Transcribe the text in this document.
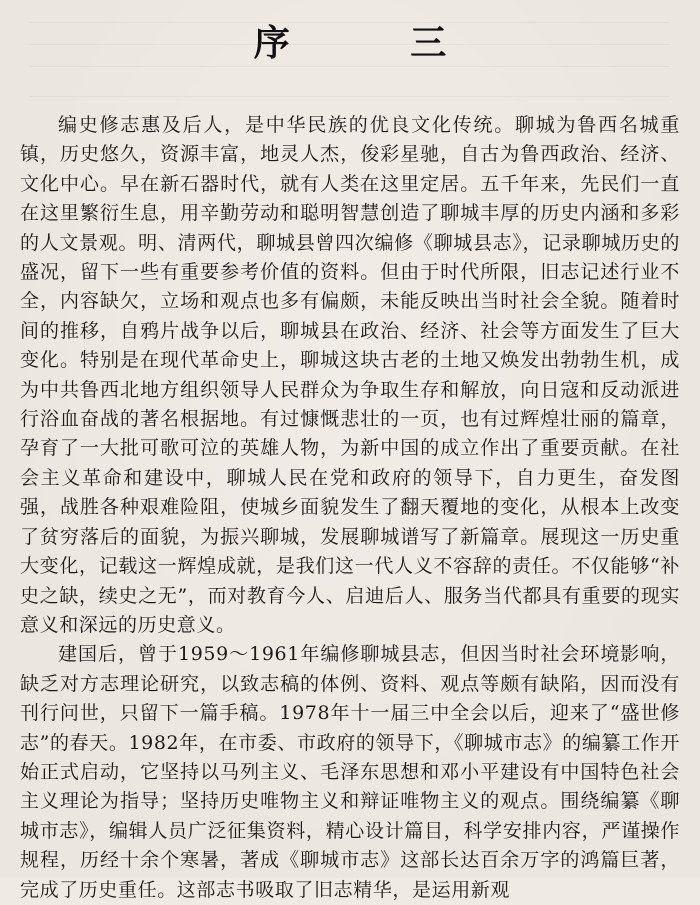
序 三

编史修志惠及后人，是中华民族的优良文化传统。聊城为鲁西名城重镇，历史悠久，资源丰富，地灵人杰，俊彩星驰，自古为鲁西政治、经济、文化中心。早在新石器时代，就有人类在这里定居。五千年来，先民们一直在这里繁衍生息，用辛勤劳动和聪明智慧创造了聊城丰厚的历史内涵和多彩的人文景观。明、清两代，聊城县曾四次编修《聊城县志》，记录聊城历史的盛况，留下一些有重要参考价值的资料。但由于时代所限，旧志记述行业不全，内容缺欠，立场和观点也多有偏颇，未能反映出当时社会全貌。随着时间的推移，自鸦片战争以后，聊城县在政治、经济、社会等方面发生了巨大变化。特别是在现代革命史上，聊城这块古老的土地又焕发出勃勃生机，成为中共鲁西北地方组织领导人民群众为争取生存和解放，向日寇和反动派进行浴血奋战的著名根据地。有过慷慨悲壮的一页，也有过辉煌壮丽的篇章，孕育了一大批可歌可泣的英雄人物，为新中国的成立作出了重要贡献。在社会主义革命和建设中，聊城人民在党和政府的领导下，自力更生，奋发图强，战胜各种艰难险阻，使城乡面貌发生了翻天覆地的变化，从根本上改变了贫穷落后的面貌，为振兴聊城，发展聊城谱写了新篇章。展现这一历史重大变化，记载这一辉煌成就，是我们这一代人义不容辞的责任。不仅能够“补史之缺，续史之无”，而对教育今人、启迪后人、服务当代都具有重要的现实意义和深远的历史意义。

建国后，曾于1959～1961年编修聊城县志，但因当时社会环境影响，缺乏对方志理论研究，以致志稿的体例、资料、观点等颇有缺陷，因而没有刊行问世，只留下一篇手稿。1978年十一届三中全会以后，迎来了“盛世修志”的春天。1982年，在市委、市政府的领导下，《聊城市志》的编纂工作开始正式启动，它坚持以马列主义、毛泽东思想和邓小平建设有中国特色社会主义理论为指导；坚持历史唯物主义和辩证唯物主义的观点。围绕编纂《聊城市志》，编辑人员广泛征集资料，精心设计篇目，科学安排内容，严谨操作规程，历经十余个寒暑，著成《聊城市志》这部长达百余万字的鸿篇巨著，完成了历史重任。这部志书吸取了旧志精华，是运用新观
